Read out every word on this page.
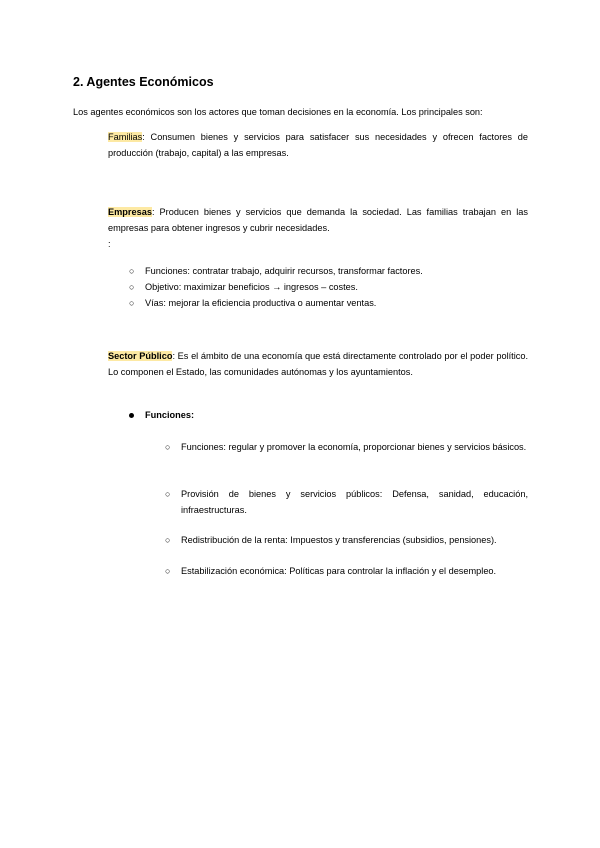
2. Agentes Económicos

Los agentes económicos son los actores que toman decisiones en la economía. Los principales son:

Familias: Consumen bienes y servicios para satisfacer sus necesidades y ofrecen factores de producción (trabajo, capital) a las empresas.

Empresas: Producen bienes y servicios que demanda la sociedad. Las familias trabajan en las empresas para obtener ingresos y cubrir necesidades.

:
○ Funciones: contratar trabajo, adquirir recursos, transformar factores.
○ Objetivo: maximizar beneficios → ingresos – costes.
○ Vías: mejorar la eficiencia productiva o aumentar ventas.

Sector Público: Es el ámbito de una economía que está directamente controlado por el poder político. Lo componen el Estado, las comunidades autónomas y los ayuntamientos.

Funciones:
○ Funciones: regular y promover la economía, proporcionar bienes y servicios básicos.
○ Provisión de bienes y servicios públicos: Defensa, sanidad, educación, infraestructuras.
○ Redistribución de la renta: Impuestos y transferencias (subsidios, pensiones).
○ Estabilización económica: Políticas para controlar la inflación y el desempleo.
